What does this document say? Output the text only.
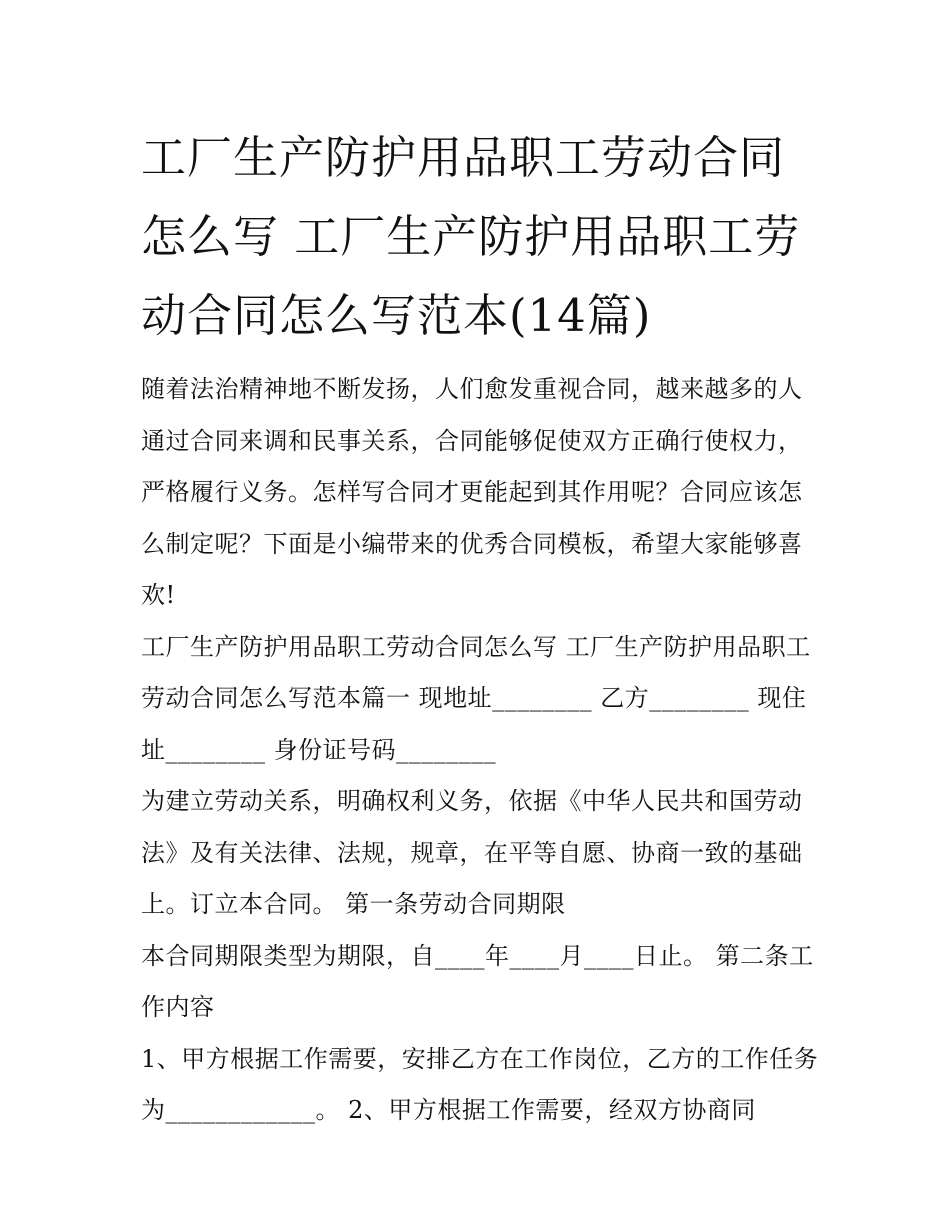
工厂生产防护用品职工劳动合同怎么写 工厂生产防护用品职工劳动合同怎么写范本(14篇)

随着法治精神地不断发扬，人们愈发重视合同，越来越多的人通过合同来调和民事关系，合同能够促使双方正确行使权力，严格履行义务。怎样写合同才更能起到其作用呢？合同应该怎么制定呢？下面是小编带来的优秀合同模板，希望大家能够喜欢!

工厂生产防护用品职工劳动合同怎么写 工厂生产防护用品职工劳动合同怎么写范本篇一 现地址________ 乙方________ 现住址________ 身份证号码________

为建立劳动关系，明确权利义务，依据《中华人民共和国劳动法》及有关法律、法规，规章，在平等自愿、协商一致的基础上。订立本合同。 第一条劳动合同期限

本合同期限类型为期限，自____年____月____日止。 第二条工作内容

1、甲方根据工作需要，安排乙方在工作岗位，乙方的工作任务为____________。 2、甲方根据工作需要，经双方协商同
